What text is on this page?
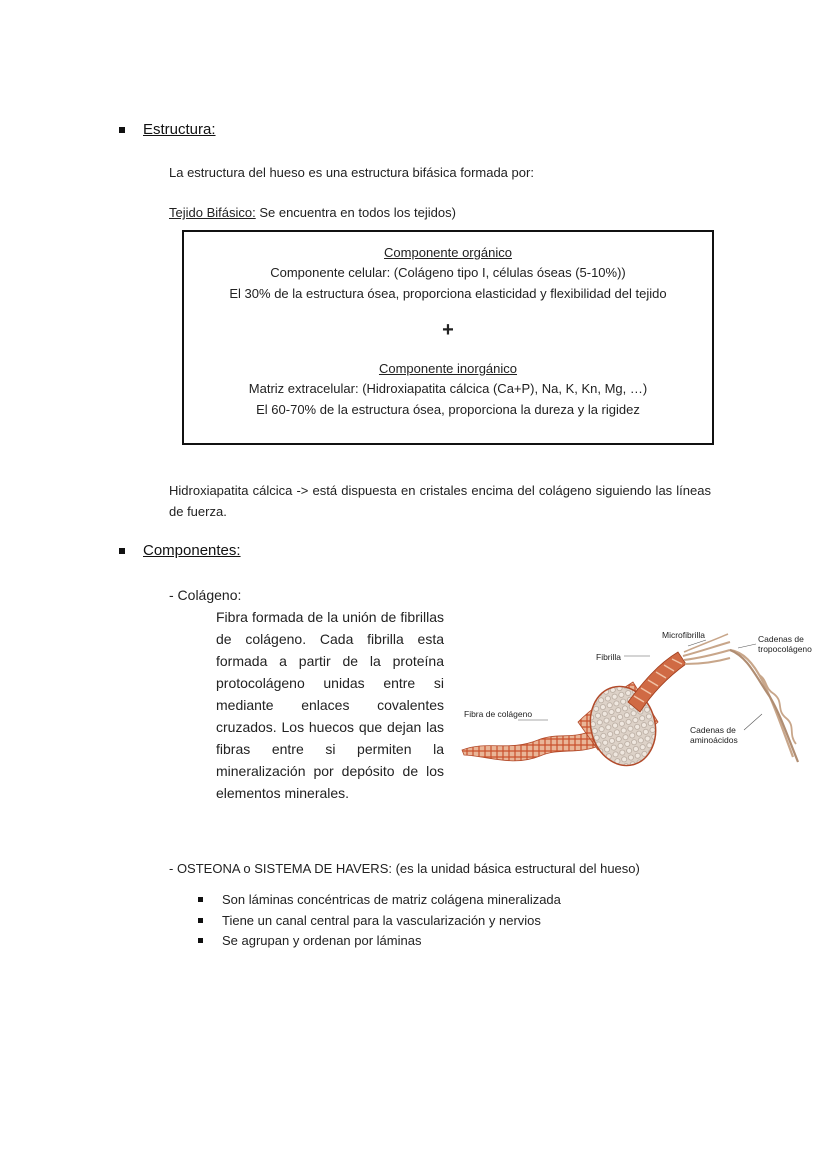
Estructura:
La estructura del hueso es una estructura bifásica formada por:
Tejido Bifásico: Se encuentra en todos los tejidos)
Componente orgánico
Componente celular: (Colágeno tipo I, células óseas (5-10%))
El 30% de la estructura ósea, proporciona elasticidad y flexibilidad del tejido
+
Componente inorgánico
Matriz extracelular: (Hidroxiapatita cálcica (Ca+P), Na, K, Kn, Mg, …)
El 60-70% de la estructura ósea, proporciona la dureza y la rigidez
Hidroxiapatita cálcica -> está dispuesta en cristales encima del colágeno siguiendo las líneas de fuerza.
Componentes:
- Colágeno:
Fibra formada de la unión de fibrillas de colágeno. Cada fibrilla esta formada a partir de la proteína protocolágeno unidas entre si mediante enlaces covalentes cruzados. Los huecos que dejan las fibras entre si permiten la mineralización por depósito de los elementos minerales.
Microfibrilla
Fibrilla
Fibra de colágeno
Cadenas de
tropocolágeno
Cadenas de
aminoácidos
- OSTEONA o SISTEMA DE HAVERS: (es la unidad básica estructural del hueso)
Son láminas concéntricas de matriz colágena mineralizada
Tiene un canal central para la vascularización y nervios
Se agrupan y ordenan por láminas
